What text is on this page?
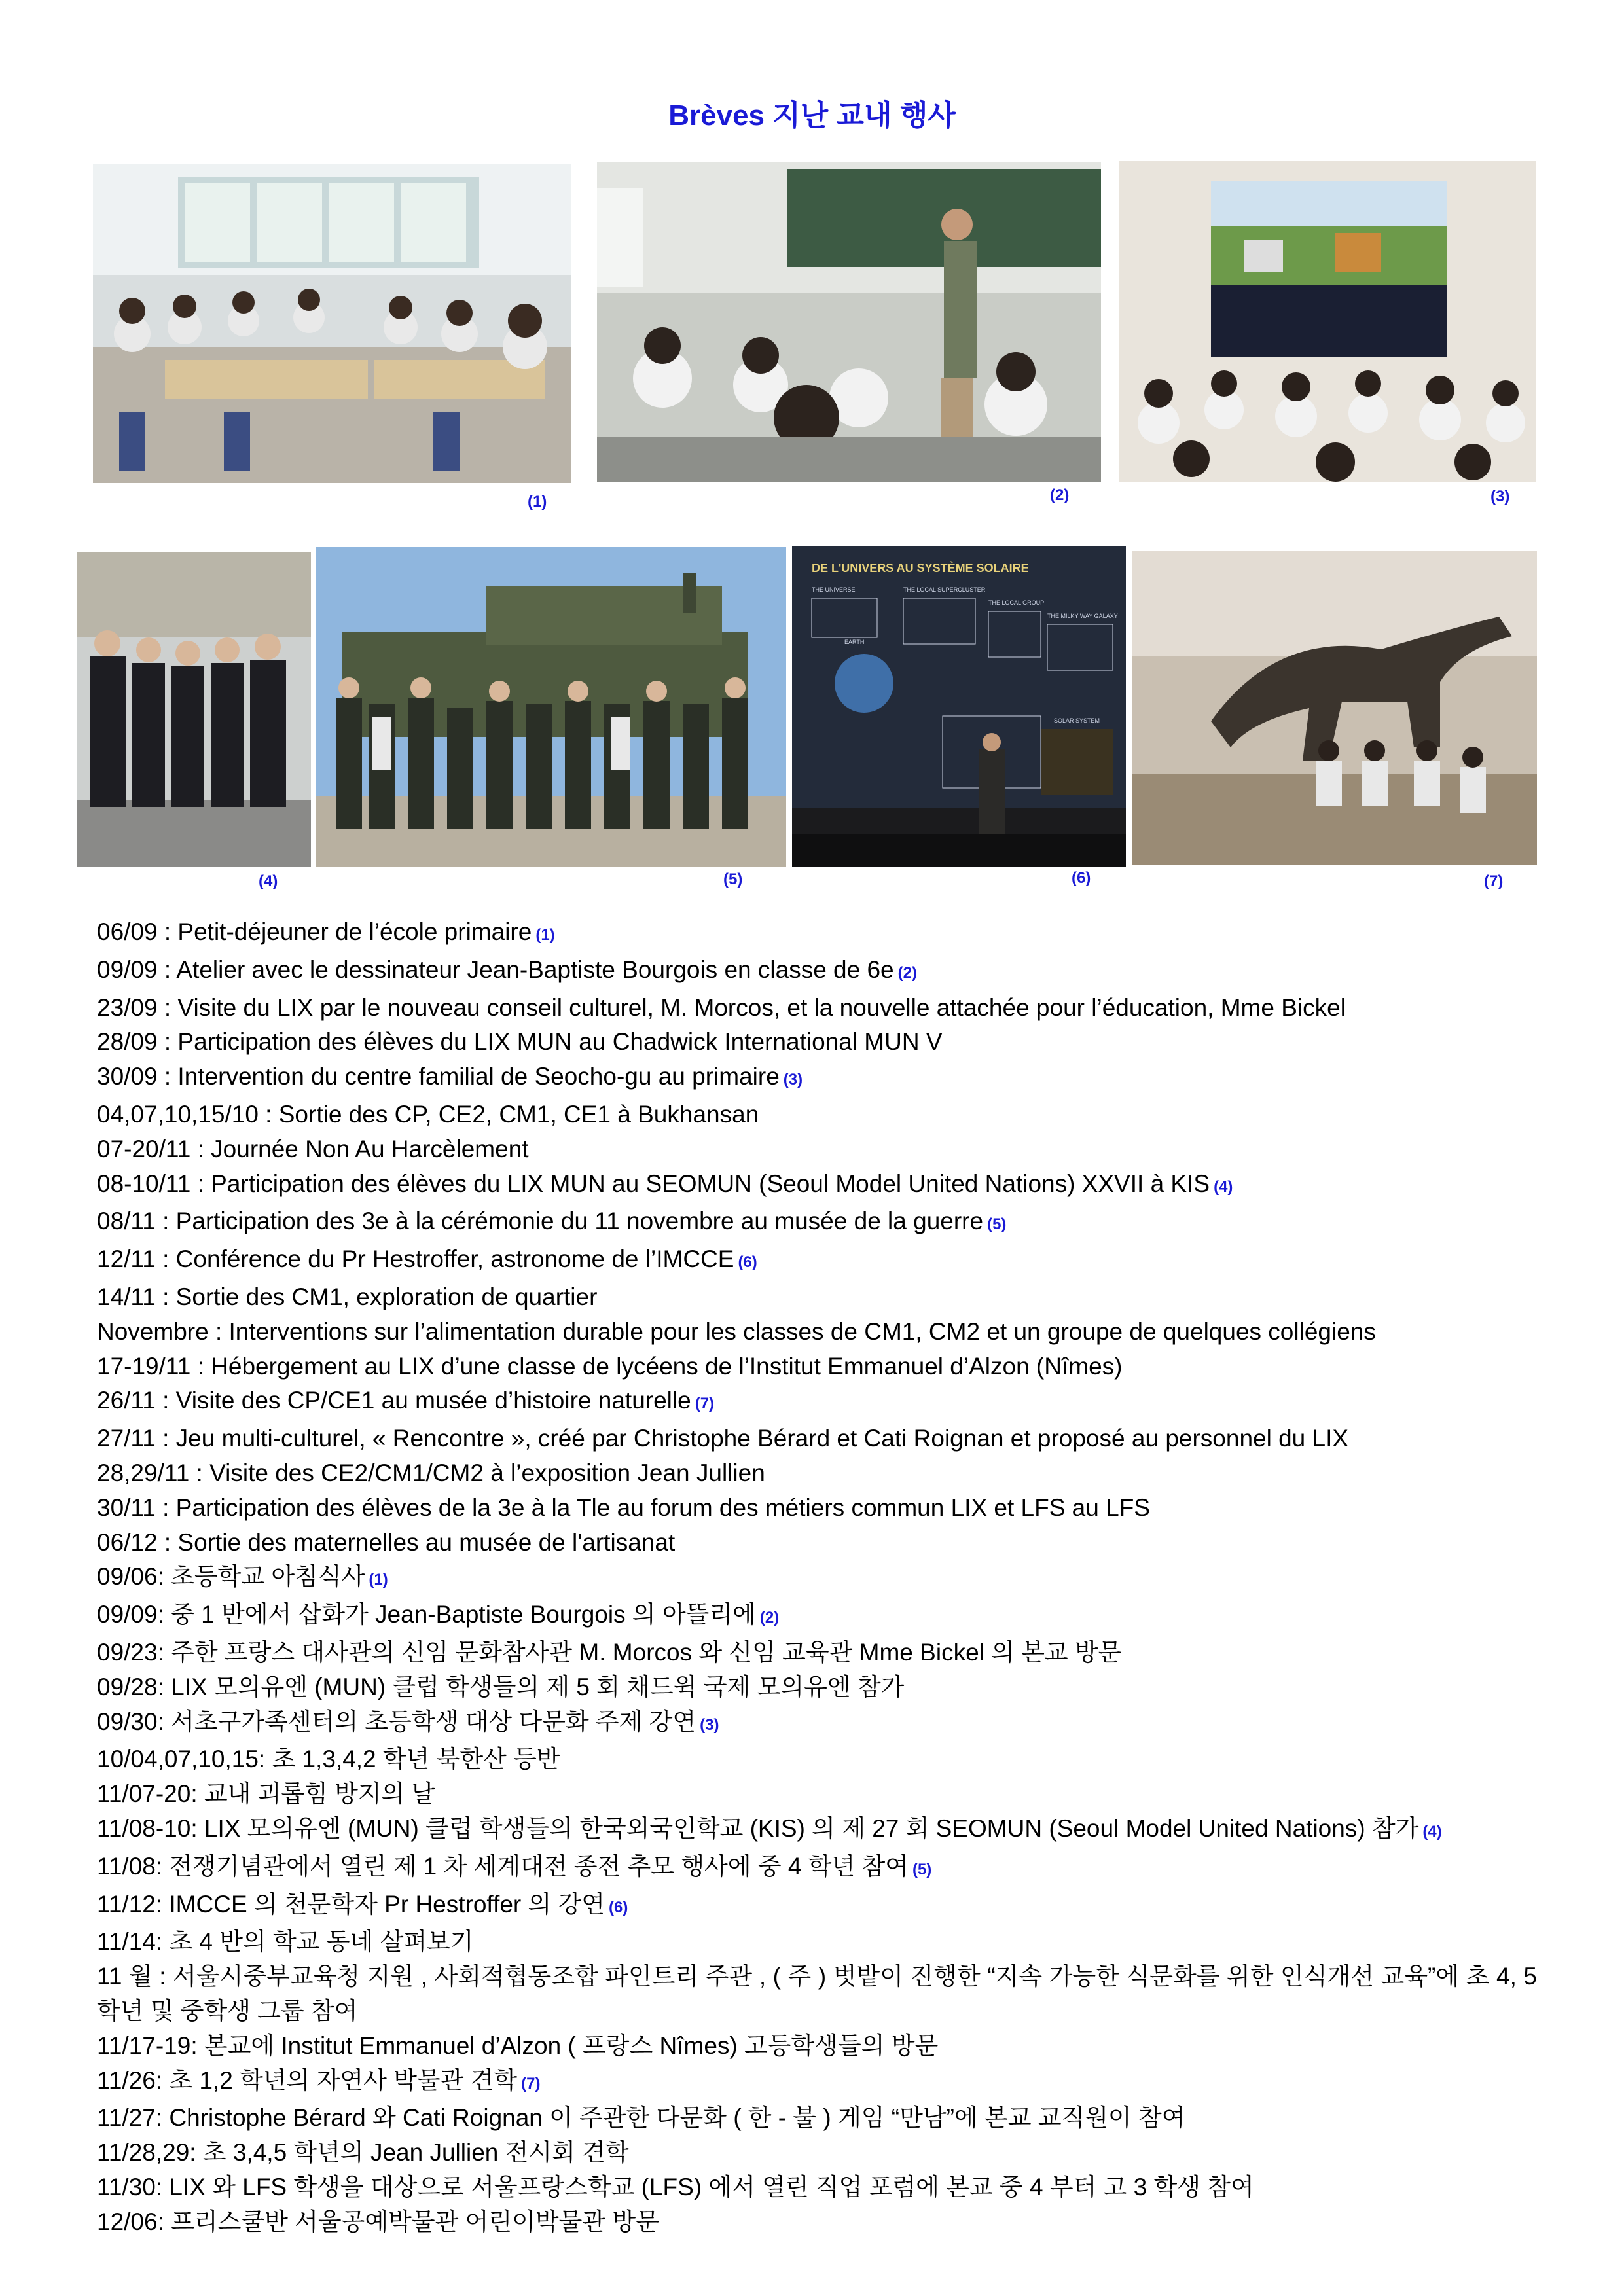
Brèves 지난 교내 행사
(1)	(2)	(3)
DE L'UNIVERS AU SYSTÈME SOLAIRE
THE UNIVERSE	THE LOCAL SUPERCLUSTER
THE LOCAL GROUP
THE MILKY WAY GALAXY
EARTH
SOLAR SYSTEM
(4)	(5)	(6)	(7)
06/09 : Petit-déjeuner de l’école primaire (1)
09/09 : Atelier avec le dessinateur Jean-Baptiste Bourgois en classe de 6e (2)
23/09 : Visite du LIX par le nouveau conseil culturel, M. Morcos, et la nouvelle attachée pour l’éducation, Mme Bickel
28/09 : Participation des élèves du LIX MUN au Chadwick International MUN V
30/09 : Intervention du centre familial de Seocho-gu au primaire (3)
04,07,10,15/10 : Sortie des CP, CE2, CM1, CE1 à Bukhansan
07-20/11 : Journée Non Au Harcèlement
08-10/11 : Participation des élèves du LIX MUN au SEOMUN (Seoul Model United Nations) XXVII à KIS (4)
08/11 : Participation des 3e à la cérémonie du 11 novembre au musée de la guerre (5)
12/11 : Conférence du Pr Hestroffer, astronome de l’IMCCE (6)
14/11 : Sortie des CM1, exploration de quartier
Novembre : Interventions sur l’alimentation durable pour les classes de CM1, CM2 et un groupe de quelques collégiens
17-19/11 : Hébergement au LIX d’une classe de lycéens de l’Institut Emmanuel d’Alzon (Nîmes)
26/11 : Visite des CP/CE1 au musée d’histoire naturelle (7)
27/11 : Jeu multi-culturel, « Rencontre », créé par Christophe Bérard et Cati Roignan et proposé au personnel du LIX
28,29/11 : Visite des CE2/CM1/CM2 à l’exposition Jean Jullien
30/11 : Participation des élèves de la 3e à la Tle au forum des métiers commun LIX et LFS au LFS
06/12 : Sortie des maternelles au musée de l'artisanat
09/06: 초등학교 아침식사 (1)
09/09: 중 1 반에서 삽화가 Jean-Baptiste Bourgois 의 아뜰리에 (2)
09/23: 주한 프랑스 대사관의 신임 문화참사관 M. Morcos 와 신임 교육관 Mme Bickel 의 본교 방문
09/28: LIX 모의유엔 (MUN) 클럽 학생들의 제 5 회 채드윅 국제 모의유엔 참가
09/30: 서초구가족센터의 초등학생 대상 다문화 주제 강연 (3)
10/04,07,10,15: 초 1,3,4,2 학년 북한산 등반
11/07-20: 교내 괴롭힘 방지의 날
11/08-10: LIX 모의유엔 (MUN) 클럽 학생들의 한국외국인학교 (KIS) 의 제 27 회 SEOMUN (Seoul Model United Nations) 참가 (4)
11/08: 전쟁기념관에서 열린 제 1 차 세계대전 종전 추모 행사에 중 4 학년 참여 (5)
11/12: IMCCE 의 천문학자 Pr Hestroffer 의 강연 (6)
11/14: 초 4 반의 학교 동네 살펴보기
11 월 : 서울시중부교육청 지원 , 사회적협동조합 파인트리 주관 , ( 주 ) 벗밭이 진행한 “지속 가능한 식문화를 위한 인식개선 교육”에 초 4, 5 학년 및 중학생 그룹 참여
11/17-19: 본교에 Institut Emmanuel d’Alzon ( 프랑스 Nîmes) 고등학생들의 방문
11/26: 초 1,2 학년의 자연사 박물관 견학 (7)
11/27: Christophe Bérard 와 Cati Roignan 이 주관한 다문화 ( 한 - 불 ) 게임 “만남”에 본교 교직원이 참여
11/28,29: 초 3,4,5 학년의 Jean Jullien 전시회 견학
11/30: LIX 와 LFS 학생을 대상으로 서울프랑스학교 (LFS) 에서 열린 직업 포럼에 본교 중 4 부터 고 3 학생 참여
12/06: 프리스쿨반 서울공예박물관 어린이박물관 방문
